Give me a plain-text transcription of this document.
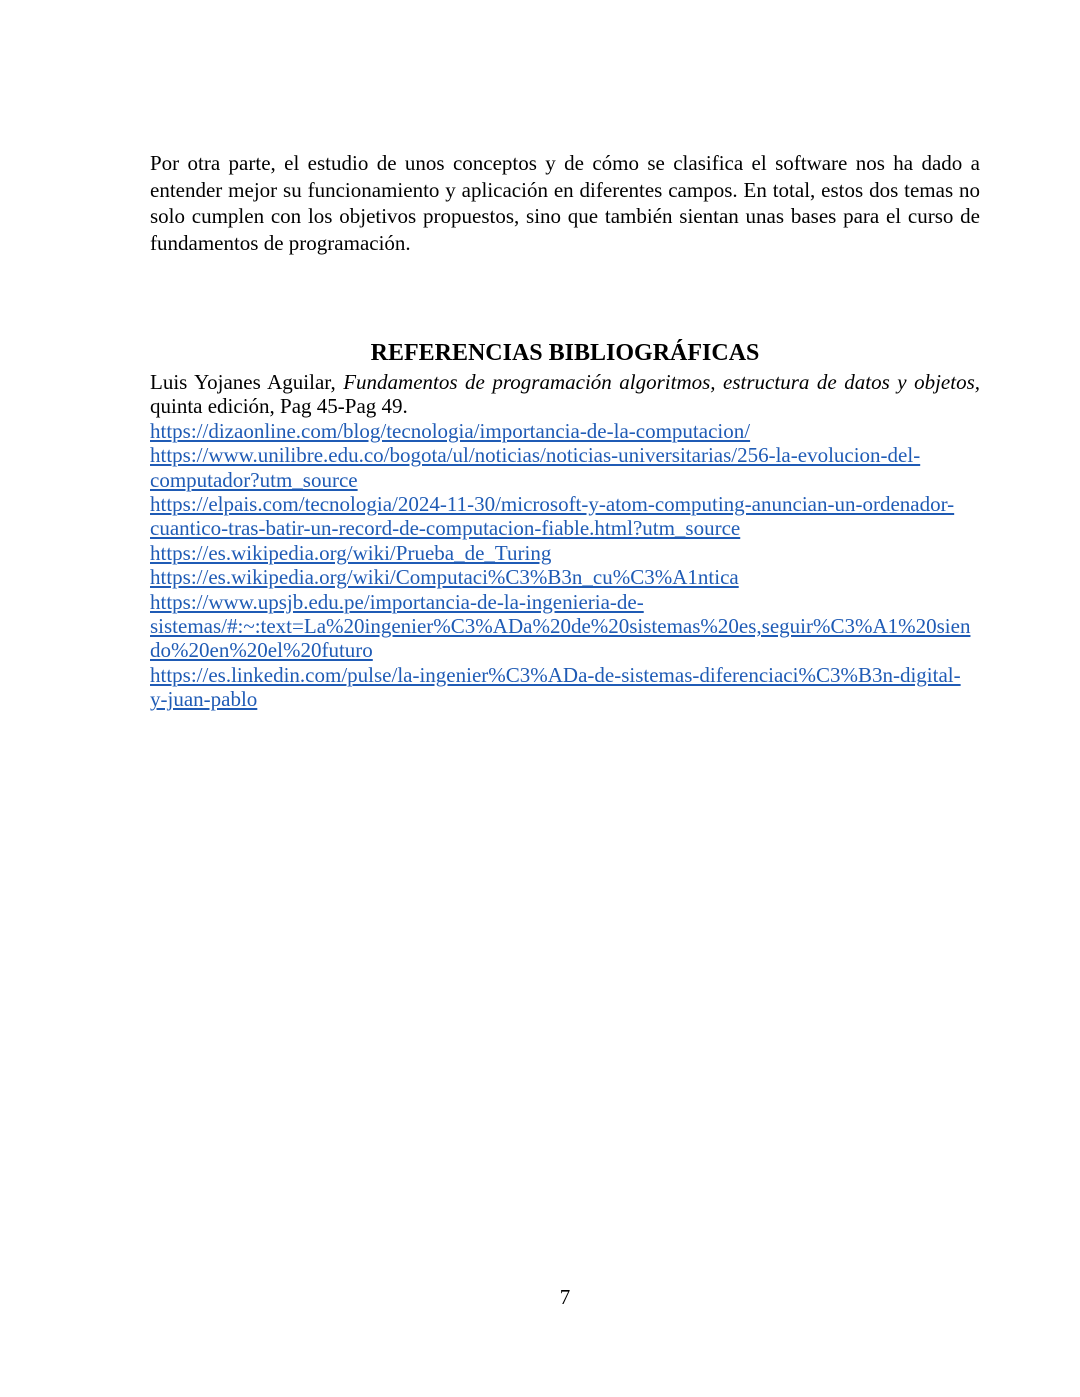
Por otra parte, el estudio de unos conceptos y de cómo se clasifica el software nos ha dado a entender mejor su funcionamiento y aplicación en diferentes campos. En total, estos dos temas no solo cumplen con los objetivos propuestos, sino que también sientan unas bases para el curso de fundamentos de programación.

REFERENCIAS BIBLIOGRÁFICAS

Luis Yojanes Aguilar, Fundamentos de programación algoritmos, estructura de datos y objetos, quinta edición, Pag 45-Pag 49.

https://dizaonline.com/blog/tecnologia/importancia-de-la-computacion/
https://www.unilibre.edu.co/bogota/ul/noticias/noticias-universitarias/256-la-evolucion-del-
computador?utm_source
https://elpais.com/tecnologia/2024-11-30/microsoft-y-atom-computing-anuncian-un-ordenador-
cuantico-tras-batir-un-record-de-computacion-fiable.html?utm_source
https://es.wikipedia.org/wiki/Prueba_de_Turing
https://es.wikipedia.org/wiki/Computaci%C3%B3n_cu%C3%A1ntica
https://www.upsjb.edu.pe/importancia-de-la-ingenieria-de-
sistemas/#:~:text=La%20ingenier%C3%ADa%20de%20sistemas%20es,seguir%C3%A1%20sien
do%20en%20el%20futuro
https://es.linkedin.com/pulse/la-ingenier%C3%ADa-de-sistemas-diferenciaci%C3%B3n-digital-
y-juan-pablo
7
